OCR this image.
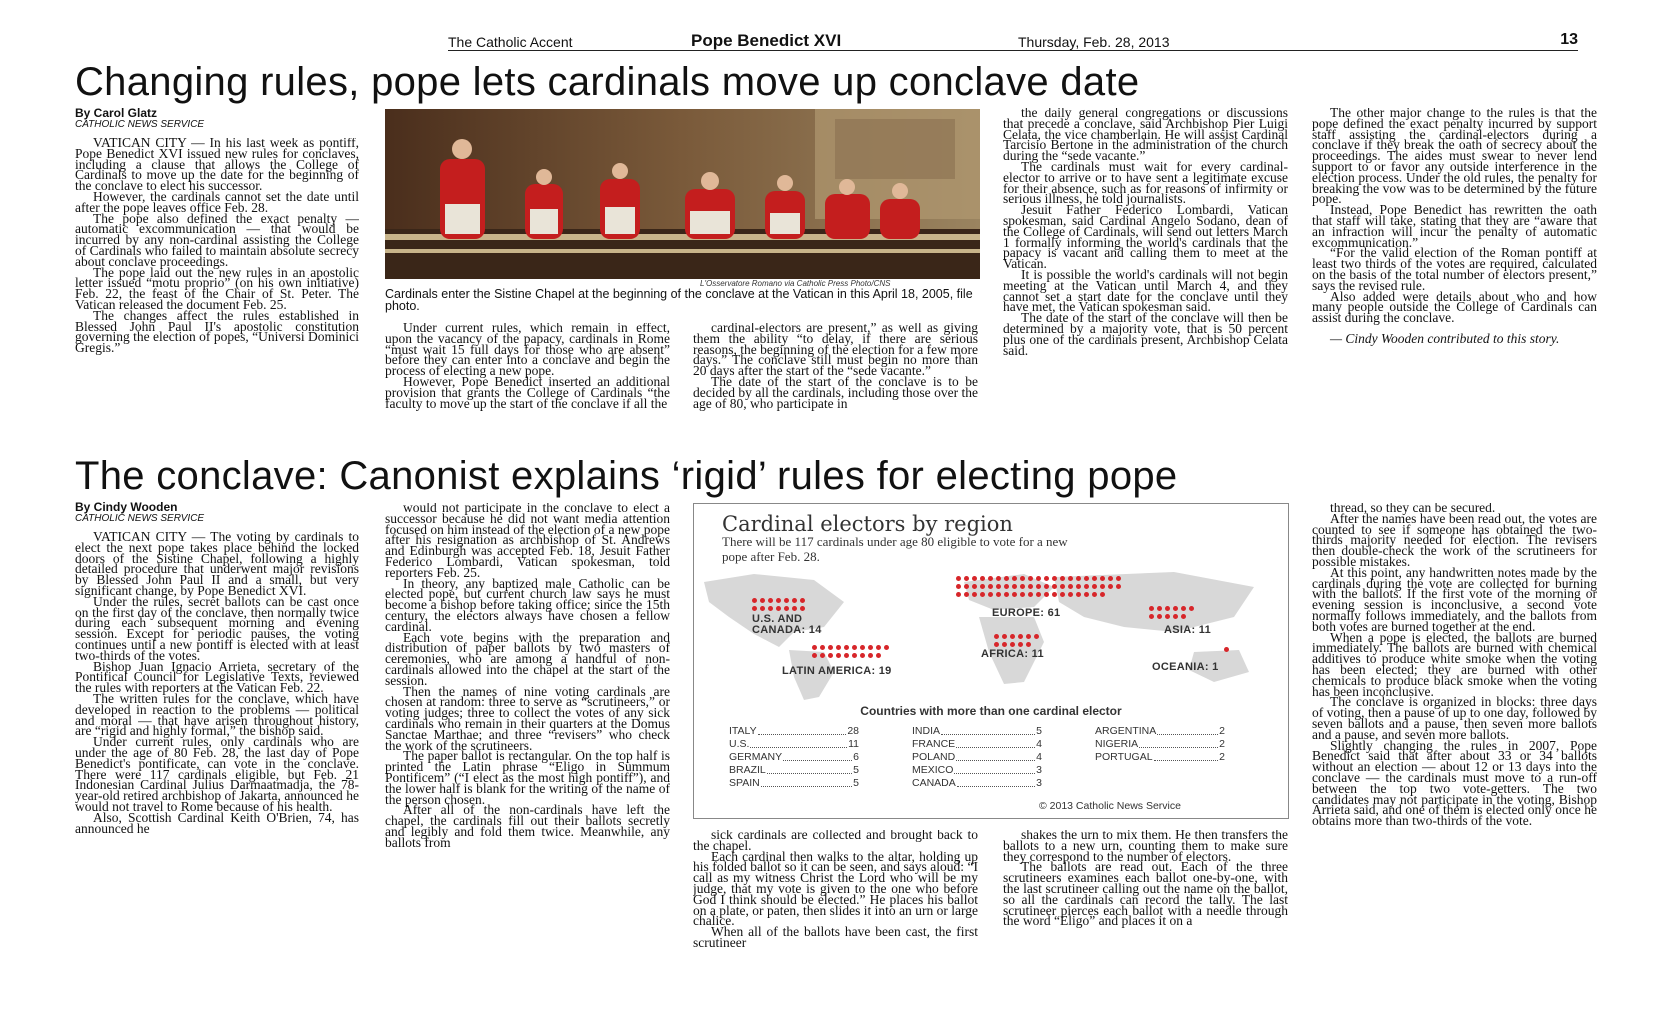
The Catholic Accent	Pope Benedict XVI	Thursday, Feb. 28, 2013	13
Changing rules, pope lets cardinals move up conclave date
By Carol Glatz
CATHOLIC NEWS SERVICE

VATICAN CITY — In his last week as pontiff, Pope Benedict XVI issued new rules for conclaves, including a clause that allows the College of Cardinals to move up the date for the beginning of the conclave to elect his successor.

However, the cardinals cannot set the date until after the pope leaves office Feb. 28.

The pope also defined the exact penalty — automatic excommunication — that would be incurred by any non-cardinal assisting the College of Cardinals who failed to maintain absolute secrecy about conclave proceedings.

The pope laid out the new rules in an apostolic letter issued “motu proprio” (on his own initiative) Feb. 22, the feast of the Chair of St. Peter. The Vatican released the document Feb. 25.

The changes affect the rules established in Blessed John Paul II's apostolic constitution governing the election of popes, “Universi Dominici Gregis.”

L'Osservatore Romano via Catholic Press Photo/CNS
Cardinals enter the Sistine Chapel at the beginning of the conclave at the Vatican in this April 18, 2005, file photo.

Under current rules, which remain in effect, upon the vacancy of the papacy, cardinals in Rome “must wait 15 full days for those who are absent” before they can enter into a conclave and begin the process of electing a new pope.

However, Pope Benedict inserted an additional provision that grants the College of Cardinals “the faculty to move up the start of the conclave if all the

cardinal-electors are present,” as well as giving them the ability “to delay, if there are serious reasons, the beginning of the election for a few more days.” The conclave still must begin no more than 20 days after the start of the “sede vacante.”

The date of the start of the conclave is to be decided by all the cardinals, including those over the age of 80, who participate in

the daily general congregations or discussions that precede a conclave, said Archbishop Pier Luigi Celata, the vice chamberlain. He will assist Cardinal Tarcisio Bertone in the administration of the church during the “sede vacante.”

The cardinals must wait for every cardinal-elector to arrive or to have sent a legitimate excuse for their absence, such as for reasons of infirmity or serious illness, he told journalists.

Jesuit Father Federico Lombardi, Vatican spokesman, said Cardinal Angelo Sodano, dean of the College of Cardinals, will send out letters March 1 formally informing the world's cardinals that the papacy is vacant and calling them to meet at the Vatican.

It is possible the world's cardinals will not begin meeting at the Vatican until March 4, and they cannot set a start date for the conclave until they have met, the Vatican spokesman said.

The date of the start of the conclave will then be determined by a majority vote, that is 50 percent plus one of the cardinals present, Archbishop Celata said.

The other major change to the rules is that the pope defined the exact penalty incurred by support staff assisting the cardinal-electors during a conclave if they break the oath of secrecy about the proceedings. The aides must swear to never lend support to or favor any outside interference in the election process. Under the old rules, the penalty for breaking the vow was to be determined by the future pope.

Instead, Pope Benedict has rewritten the oath that staff will take, stating that they are “aware that an infraction will incur the penalty of automatic excommunication.”

“For the valid election of the Roman pontiff at least two thirds of the votes are required, calculated on the basis of the total number of electors present,” says the revised rule.

Also added were details about who and how many people outside the College of Cardinals can assist during the conclave.

— Cindy Wooden contributed to this story.

The conclave: Canonist explains ‘rigid’ rules for electing pope
By Cindy Wooden
CATHOLIC NEWS SERVICE

VATICAN CITY — The voting by cardinals to elect the next pope takes place behind the locked doors of the Sistine Chapel, following a highly detailed procedure that underwent major revisions by Blessed John Paul II and a small, but very significant change, by Pope Benedict XVI.

Under the rules, secret ballots can be cast once on the first day of the conclave, then normally twice during each subsequent morning and evening session. Except for periodic pauses, the voting continues until a new pontiff is elected with at least two-thirds of the votes.

Bishop Juan Ignacio Arrieta, secretary of the Pontifical Council for Legislative Texts, reviewed the rules with reporters at the Vatican Feb. 22.

The written rules for the conclave, which have developed in reaction to the problems — political and moral — that have arisen throughout history, are “rigid and highly formal,” the bishop said.

Under current rules, only cardinals who are under the age of 80 Feb. 28, the last day of Pope Benedict's pontificate, can vote in the conclave. There were 117 cardinals eligible, but Feb. 21 Indonesian Cardinal Julius Darmaatmadja, the 78-year-old retired archbishop of Jakarta, announced he would not travel to Rome because of his health.

Also, Scottish Cardinal Keith O'Brien, 74, has announced he

would not participate in the conclave to elect a successor because he did not want media attention focused on him instead of the election of a new pope after his resignation as archbishop of St. Andrews and Edinburgh was accepted Feb. 18, Jesuit Father Federico Lombardi, Vatican spokesman, told reporters Feb. 25.

In theory, any baptized male Catholic can be elected pope, but current church law says he must become a bishop before taking office; since the 15th century, the electors always have chosen a fellow cardinal.

Each vote begins with the preparation and distribution of paper ballots by two masters of ceremonies, who are among a handful of non-cardinals allowed into the chapel at the start of the session.

Then the names of nine voting cardinals are chosen at random: three to serve as “scrutineers,” or voting judges; three to collect the votes of any sick cardinals who remain in their quarters at the Domus Sanctae Marthae; and three “revisers” who check the work of the scrutineers.

The paper ballot is rectangular. On the top half is printed the Latin phrase “Eligo in Summum Pontificem” (“I elect as the most high pontiff”), and the lower half is blank for the writing of the name of the person chosen.

After all of the non-cardinals have left the chapel, the cardinals fill out their ballots secretly and legibly and fold them twice. Meanwhile, any ballots from

sick cardinals are collected and brought back to the chapel.

Each cardinal then walks to the altar, holding up his folded ballot so it can be seen, and says aloud: “I call as my witness Christ the Lord who will be my judge, that my vote is given to the one who before God I think should be elected.” He places his ballot on a plate, or paten, then slides it into an urn or large chalice.

When all of the ballots have been cast, the first scrutineer

shakes the urn to mix them. He then transfers the ballots to a new urn, counting them to make sure they correspond to the number of electors.

The ballots are read out. Each of the three scrutineers examines each ballot one-by-one, with the last scrutineer calling out the name on the ballot, so all the cardinals can record the tally. The last scrutineer pierces each ballot with a needle through the word “Eligo” and places it on a

thread, so they can be secured.

After the names have been read out, the votes are counted to see if someone has obtained the two-thirds majority needed for election. The revisers then double-check the work of the scrutineers for possible mistakes.

At this point, any handwritten notes made by the cardinals during the vote are collected for burning with the ballots. If the first vote of the morning or evening session is inconclusive, a second vote normally follows immediately, and the ballots from both votes are burned together at the end.

When a pope is elected, the ballots are burned immediately. The ballots are burned with chemical additives to produce white smoke when the voting has been elected; they are burned with other chemicals to produce black smoke when the voting has been inconclusive.

The conclave is organized in blocks: three days of voting, then a pause of up to one day, followed by seven ballots and a pause, then seven more ballots and a pause, and seven more ballots.

Slightly changing the rules in 2007, Pope Benedict said that after about 33 or 34 ballots without an election — about 12 or 13 days into the conclave — the cardinals must move to a run-off between the top two vote-getters. The two candidates may not participate in the voting, Bishop Arrieta said, and one of them is elected only once he obtains more than two-thirds of the vote.

Cardinal electors by region
There will be 117 cardinals under age 80 eligible to vote for a new pope after Feb. 28.
U.S. AND CANADA: 14
EUROPE: 61
ASIA: 11
AFRICA: 11
LATIN AMERICA: 19	OCEANIA: 1
Countries with more than one cardinal elector
ITALY	28
U.S.	11
GERMANY	6
BRAZIL	5
SPAIN	5
INDIA	5
FRANCE	4
POLAND	4
MEXICO	3
CANADA	3
ARGENTINA	2
NIGERIA	2
PORTUGAL	2
© 2013 Catholic News Service
